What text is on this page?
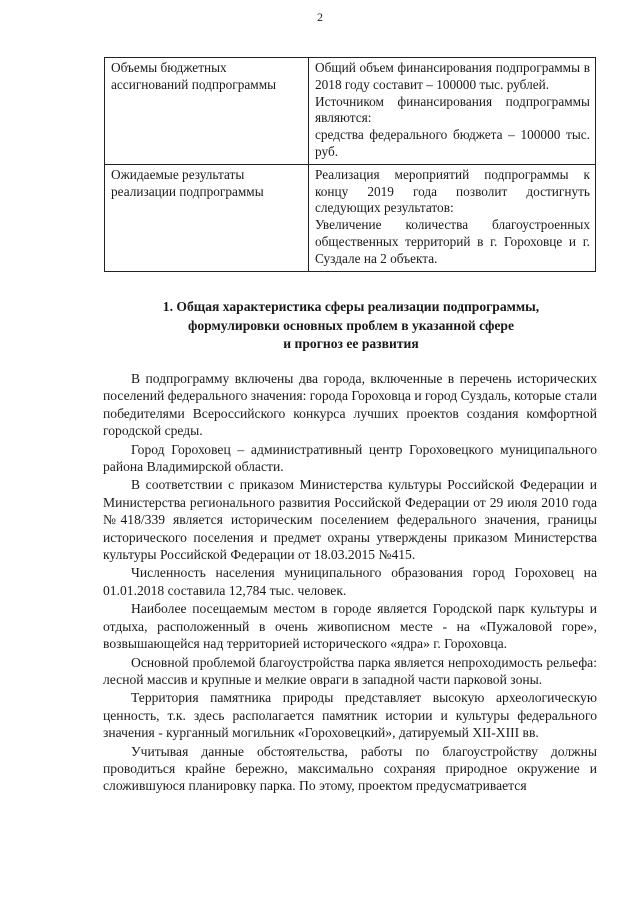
2
Объемы бюджетных ассигнований подпрограммы	Общий объем финансирования подпрограммы в 2018 году составит – 100000 тыс. рублей.
Источником финансирования подпрограммы являются:
средства федерального бюджета – 100000 тыс. руб.

Ожидаемые результаты реализации подпрограммы	Реализация мероприятий подпрограммы к концу 2019 года позволит достигнуть следующих результатов:
Увеличение количества благоустроенных общественных территорий в г. Гороховце и г. Суздале на 2 объекта.
1. Общая характеристика сферы реализации подпрограммы,
формулировки основных проблем в указанной сфере
и прогноз ее развития

В подпрограмму включены два города, включенные в перечень исторических поселений федерального значения: города Гороховца и город Суздаль, которые стали победителями Всероссийского конкурса лучших проектов создания комфортной городской среды.

Город Гороховец – административный центр Гороховецкого муниципального района Владимирской области.

В соответствии с приказом Министерства культуры Российской Федерации и Министерства регионального развития Российской Федерации от 29 июля 2010 года №418/339 является историческим поселением федерального значения, границы исторического поселения и предмет охраны утверждены приказом Министерства культуры Российской Федерации от 18.03.2015 №415.

Численность населения муниципального образования город Гороховец на 01.01.2018 составила 12,784 тыс. человек.

Наиболее посещаемым местом в городе является Городской парк культуры и отдыха, расположенный в очень живописном месте - на «Пужаловой горе», возвышающейся над территорией исторического «ядра» г. Гороховца.

Основной проблемой благоустройства парка является непроходимость рельефа: лесной массив и крупные и мелкие овраги в западной части парковой зоны.

Территория памятника природы представляет высокую археологическую ценность, т.к. здесь располагается памятник истории и культуры федерального значения - курганный могильник «Гороховецкий», датируемый XII-XIII вв.

Учитывая данные обстоятельства, работы по благоустройству должны проводиться крайне бережно, максимально сохраняя природное окружение и сложившуюся планировку парка. По этому, проектом предусматривается
